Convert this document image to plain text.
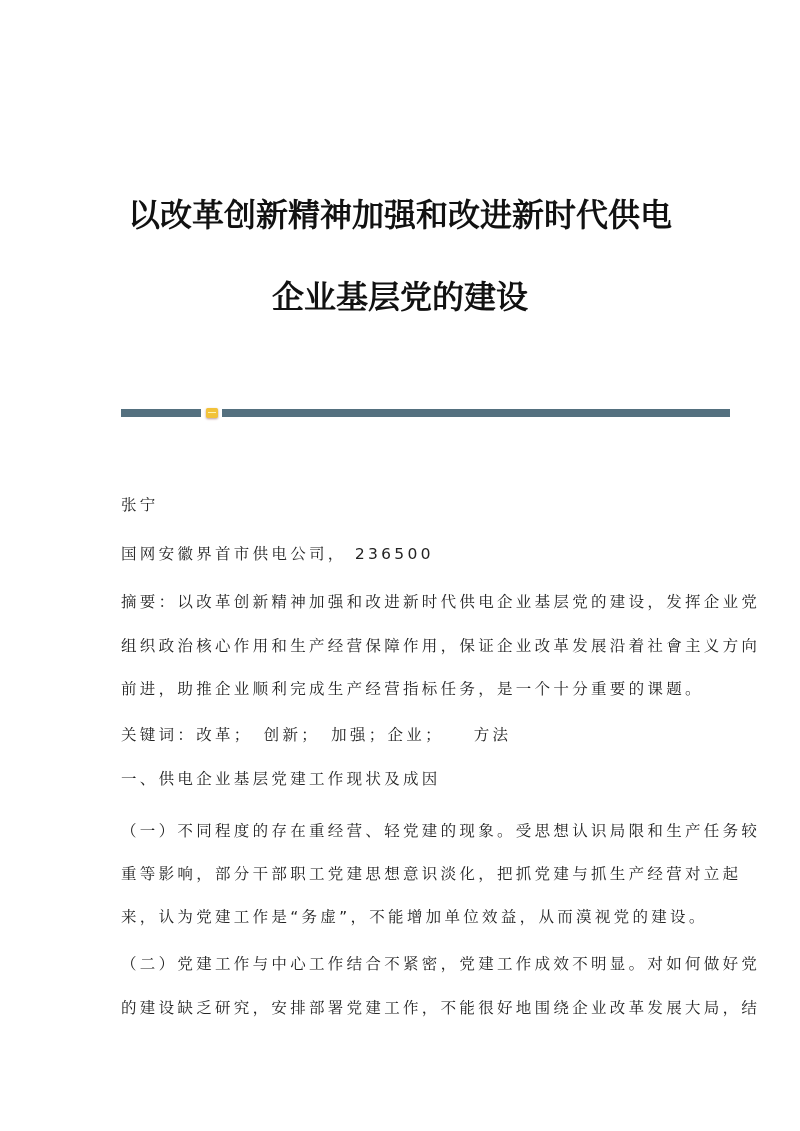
以改革创新精神加强和改进新时代供电
企业基层党的建设
张宁
国网安徽界首市供电公司， 236500
摘要：以改革创新精神加强和改进新时代供电企业基层党的建设，发挥企业党
组织政治核心作用和生产经营保障作用，保证企业改革发展沿着社會主义方向
前进，助推企业顺利完成生产经营指标任务，是一个十分重要的课题。
关键词：改革；　创新；　加强；企业；　　方法
一、供电企业基层党建工作现状及成因
（一）不同程度的存在重经营、轻党建的现象。受思想认识局限和生产任务较
重等影响，部分干部职工党建思想意识淡化，把抓党建与抓生产经营对立起
来，认为党建工作是“务虚”，不能增加单位效益，从而漠视党的建设。
（二）党建工作与中心工作结合不紧密，党建工作成效不明显。对如何做好党
的建设缺乏研究，安排部署党建工作，不能很好地围绕企业改革发展大局，结
